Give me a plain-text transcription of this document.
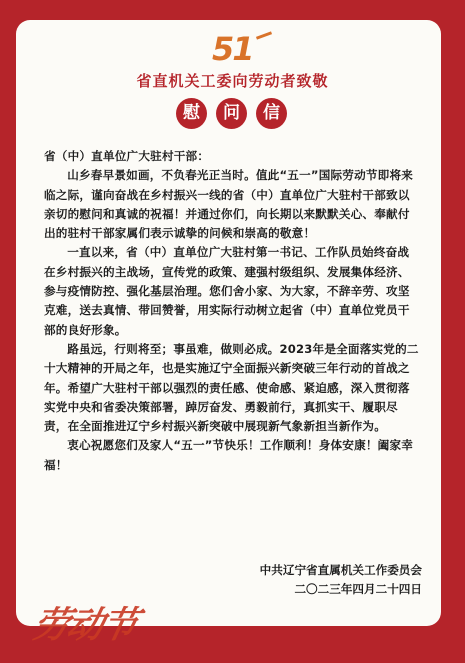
51
省直机关工委向劳动者致敬
慰	问	信

省（中）直单位广大驻村干部：

山乡春早景如画，不负春光正当时。值此“五一”国际劳动节即将来临之际，谨向奋战在乡村振兴一线的省（中）直单位广大驻村干部致以亲切的慰问和真诚的祝福！并通过你们，向长期以来默默关心、奉献付出的驻村干部家属们表示诚挚的问候和崇高的敬意！

一直以来，省（中）直单位广大驻村第一书记、工作队员始终奋战在乡村振兴的主战场，宣传党的政策、建强村级组织、发展集体经济、参与疫情防控、强化基层治理。您们舍小家、为大家，不辞辛劳、攻坚克难，送去真情、带回赞誉，用实际行动树立起省（中）直单位党员干部的良好形象。

路虽远，行则将至；事虽难，做则必成。2023年是全面落实党的二十大精神的开局之年，也是实施辽宁全面振兴新突破三年行动的首战之年。希望广大驻村干部以强烈的责任感、使命感、紧迫感，深入贯彻落实党中央和省委决策部署，踔厉奋发、勇毅前行，真抓实干、履职尽责，在全面推进辽宁乡村振兴新突破中展现新气象新担当新作为。

衷心祝愿您们及家人“五一”节快乐！工作顺利！身体安康！阖家幸福！

中共辽宁省直属机关工作委员会
二〇二三年四月二十四日
劳动节
